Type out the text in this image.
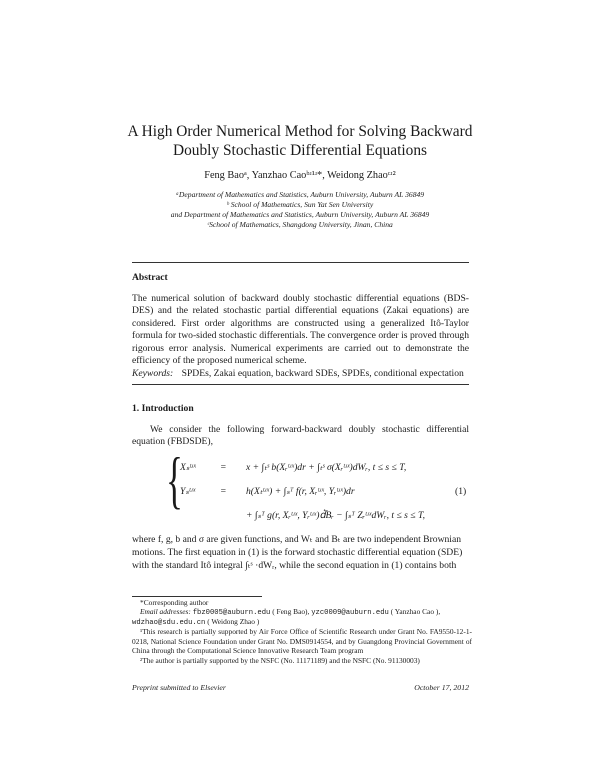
A High Order Numerical Method for Solving Backward
Doubly Stochastic Differential Equations
Feng Baoᵃ, Yanzhao Caoᵇʴ¹ʴ*, Weidong Zhaoᶜʴ²
ᵃDepartment of Mathematics and Statistics, Auburn University, Auburn AL 36849
ᵇ School of Mathematics, Sun Yat Sen University
and Department of Mathematics and Statistics, Auburn University, Auburn AL 36849
ᶜSchool of Mathematics, Shangdong University, Jinan, China
Abstract
The numerical solution of backward doubly stochastic differential equations (BDS-DES) and the related stochastic partial differential equations (Zakai equations) are considered. First order algorithms are constructed using a generalized Itô-Taylor formula for two-sided stochastic differentials. The convergence order is proved through rigorous error analysis. Numerical experiments are carried out to demonstrate the efficiency of the proposed numerical scheme.
Keywords: SPDEs, Zakai equation, backward SDEs, SPDEs, conditional expectation
1. Introduction
We consider the following forward-backward doubly stochastic differential equation (FBDSDE),
{
Xₛᵗʴˣ	= x + ∫ₜˢ b(Xᵣᵗʴˣ)dr + ∫ₜˢ σ(Xᵣᵗʴˣ)dWᵣ, t ≤ s ≤ T,
Yₛᵗʴˣ	= h(Xₜᵗʴˣ) + ∫ₛᵀ f(r, Xᵣᵗʴˣ, Yᵣᵗʴˣ)dr
+ ∫ₛᵀ g(r, Xᵣᵗʴˣ, Yᵣᵗʴˣ)d⃖Bᵣ − ∫ₛᵀ ZᵣᵗʴˣdWᵣ, t ≤ s ≤ T,
(1)
where f, g, b and σ are given functions, and Wₜ and Bₜ are two independent Brownian
motions. The first equation in (1) is the forward stochastic differential equation (SDE)
with the standard Itô integral ∫ₜˢ ·dWᵣ, while the second equation in (1) contains both
*Corresponding author
Email addresses: fbz0005@auburn.edu ( Feng Bao), yzc0009@auburn.edu ( Yanzhao Cao ),
wdzhao@sdu.edu.cn ( Weidong Zhao )
¹This research is partially supported by Air Force Office of Scientific Research under Grant No. FA9550-12-1-0218, National Science Foundation under Grant No. DMS0914554, and by Guangdong Provincial Government of China through the Computational Science Innovative Research Team program
²The author is partially supported by the NSFC (No. 11171189) and the NSFC (No. 91130003)
Preprint submitted to Elsevier	October 17, 2012
